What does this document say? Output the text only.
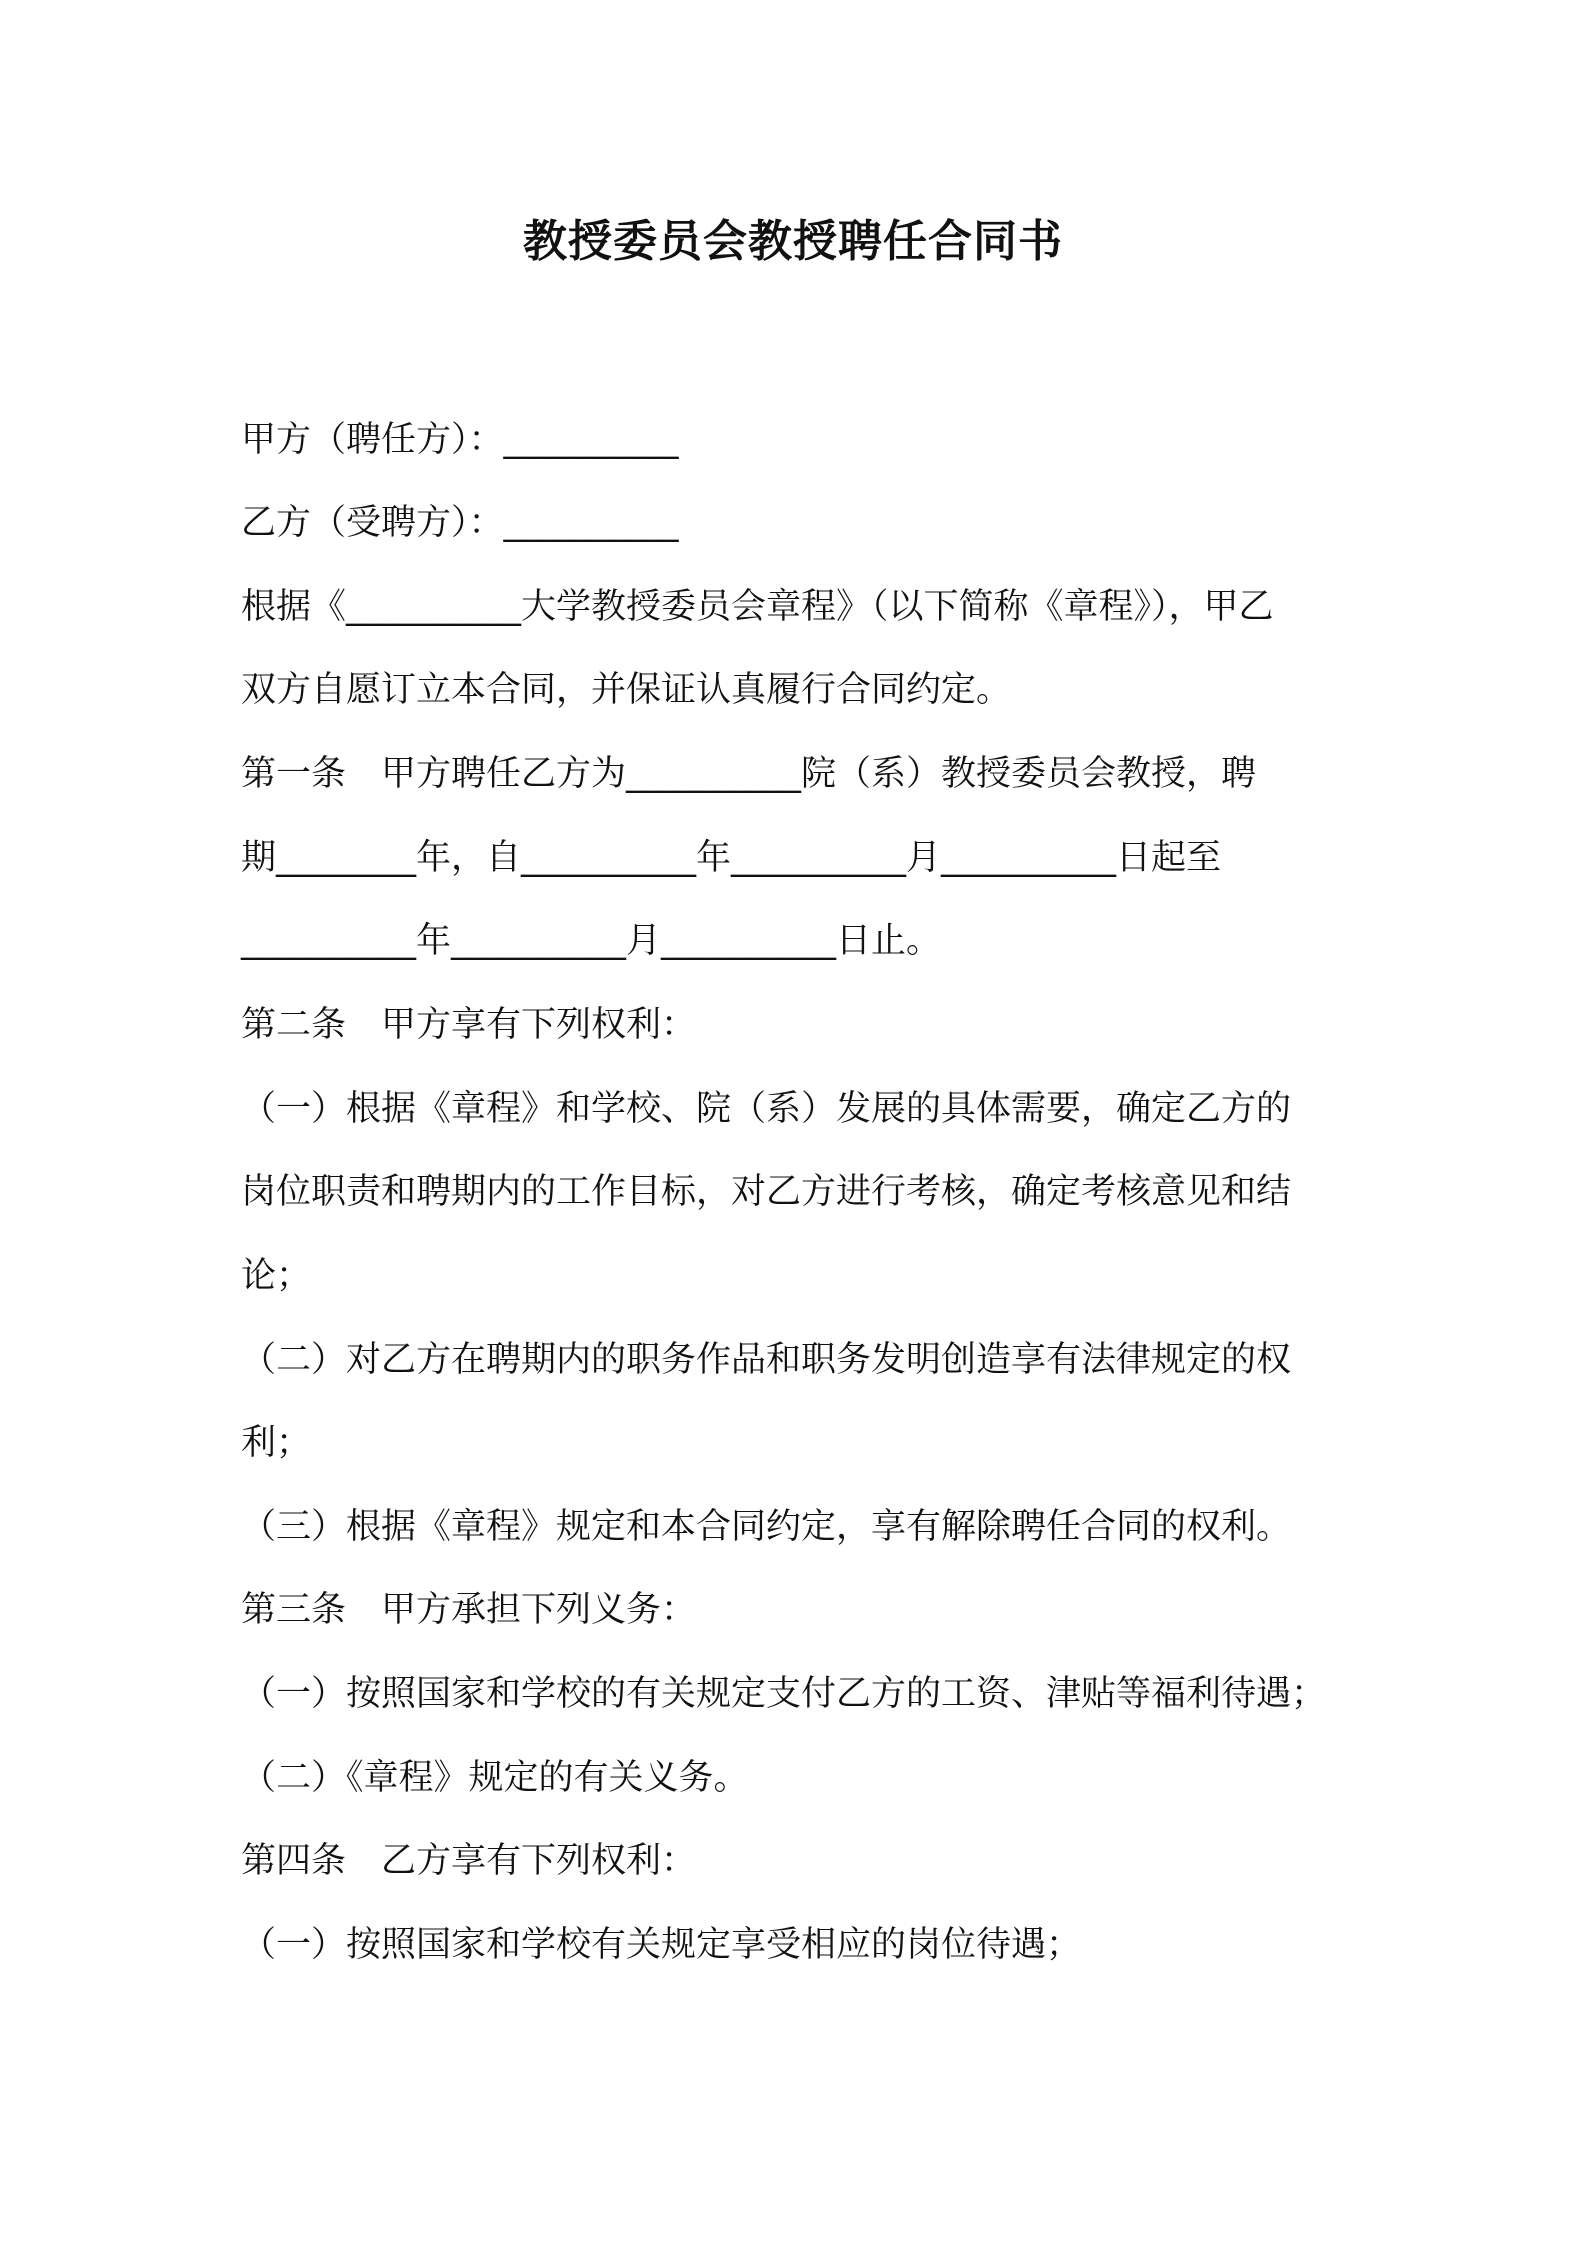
教授委员会教授聘任合同书

甲方（聘任方）：__________

乙方（受聘方）：__________

根据《__________大学教授委员会章程》（以下简称《章程》），甲乙

双方自愿订立本合同，并保证认真履行合同约定。

第一条　甲方聘任乙方为__________院（系）教授委员会教授，聘

期________年，自__________年__________月__________日起至

__________年__________月__________日止。

第二条　甲方享有下列权利：

（一）根据《章程》和学校、院（系）发展的具体需要，确定乙方的

岗位职责和聘期内的工作目标，对乙方进行考核，确定考核意见和结

论；

（二）对乙方在聘期内的职务作品和职务发明创造享有法律规定的权

利；

（三）根据《章程》规定和本合同约定，享有解除聘任合同的权利。

第三条　甲方承担下列义务：

（一）按照国家和学校的有关规定支付乙方的工资、津贴等福利待遇；

（二）《章程》规定的有关义务。

第四条　乙方享有下列权利：

（一）按照国家和学校有关规定享受相应的岗位待遇；
